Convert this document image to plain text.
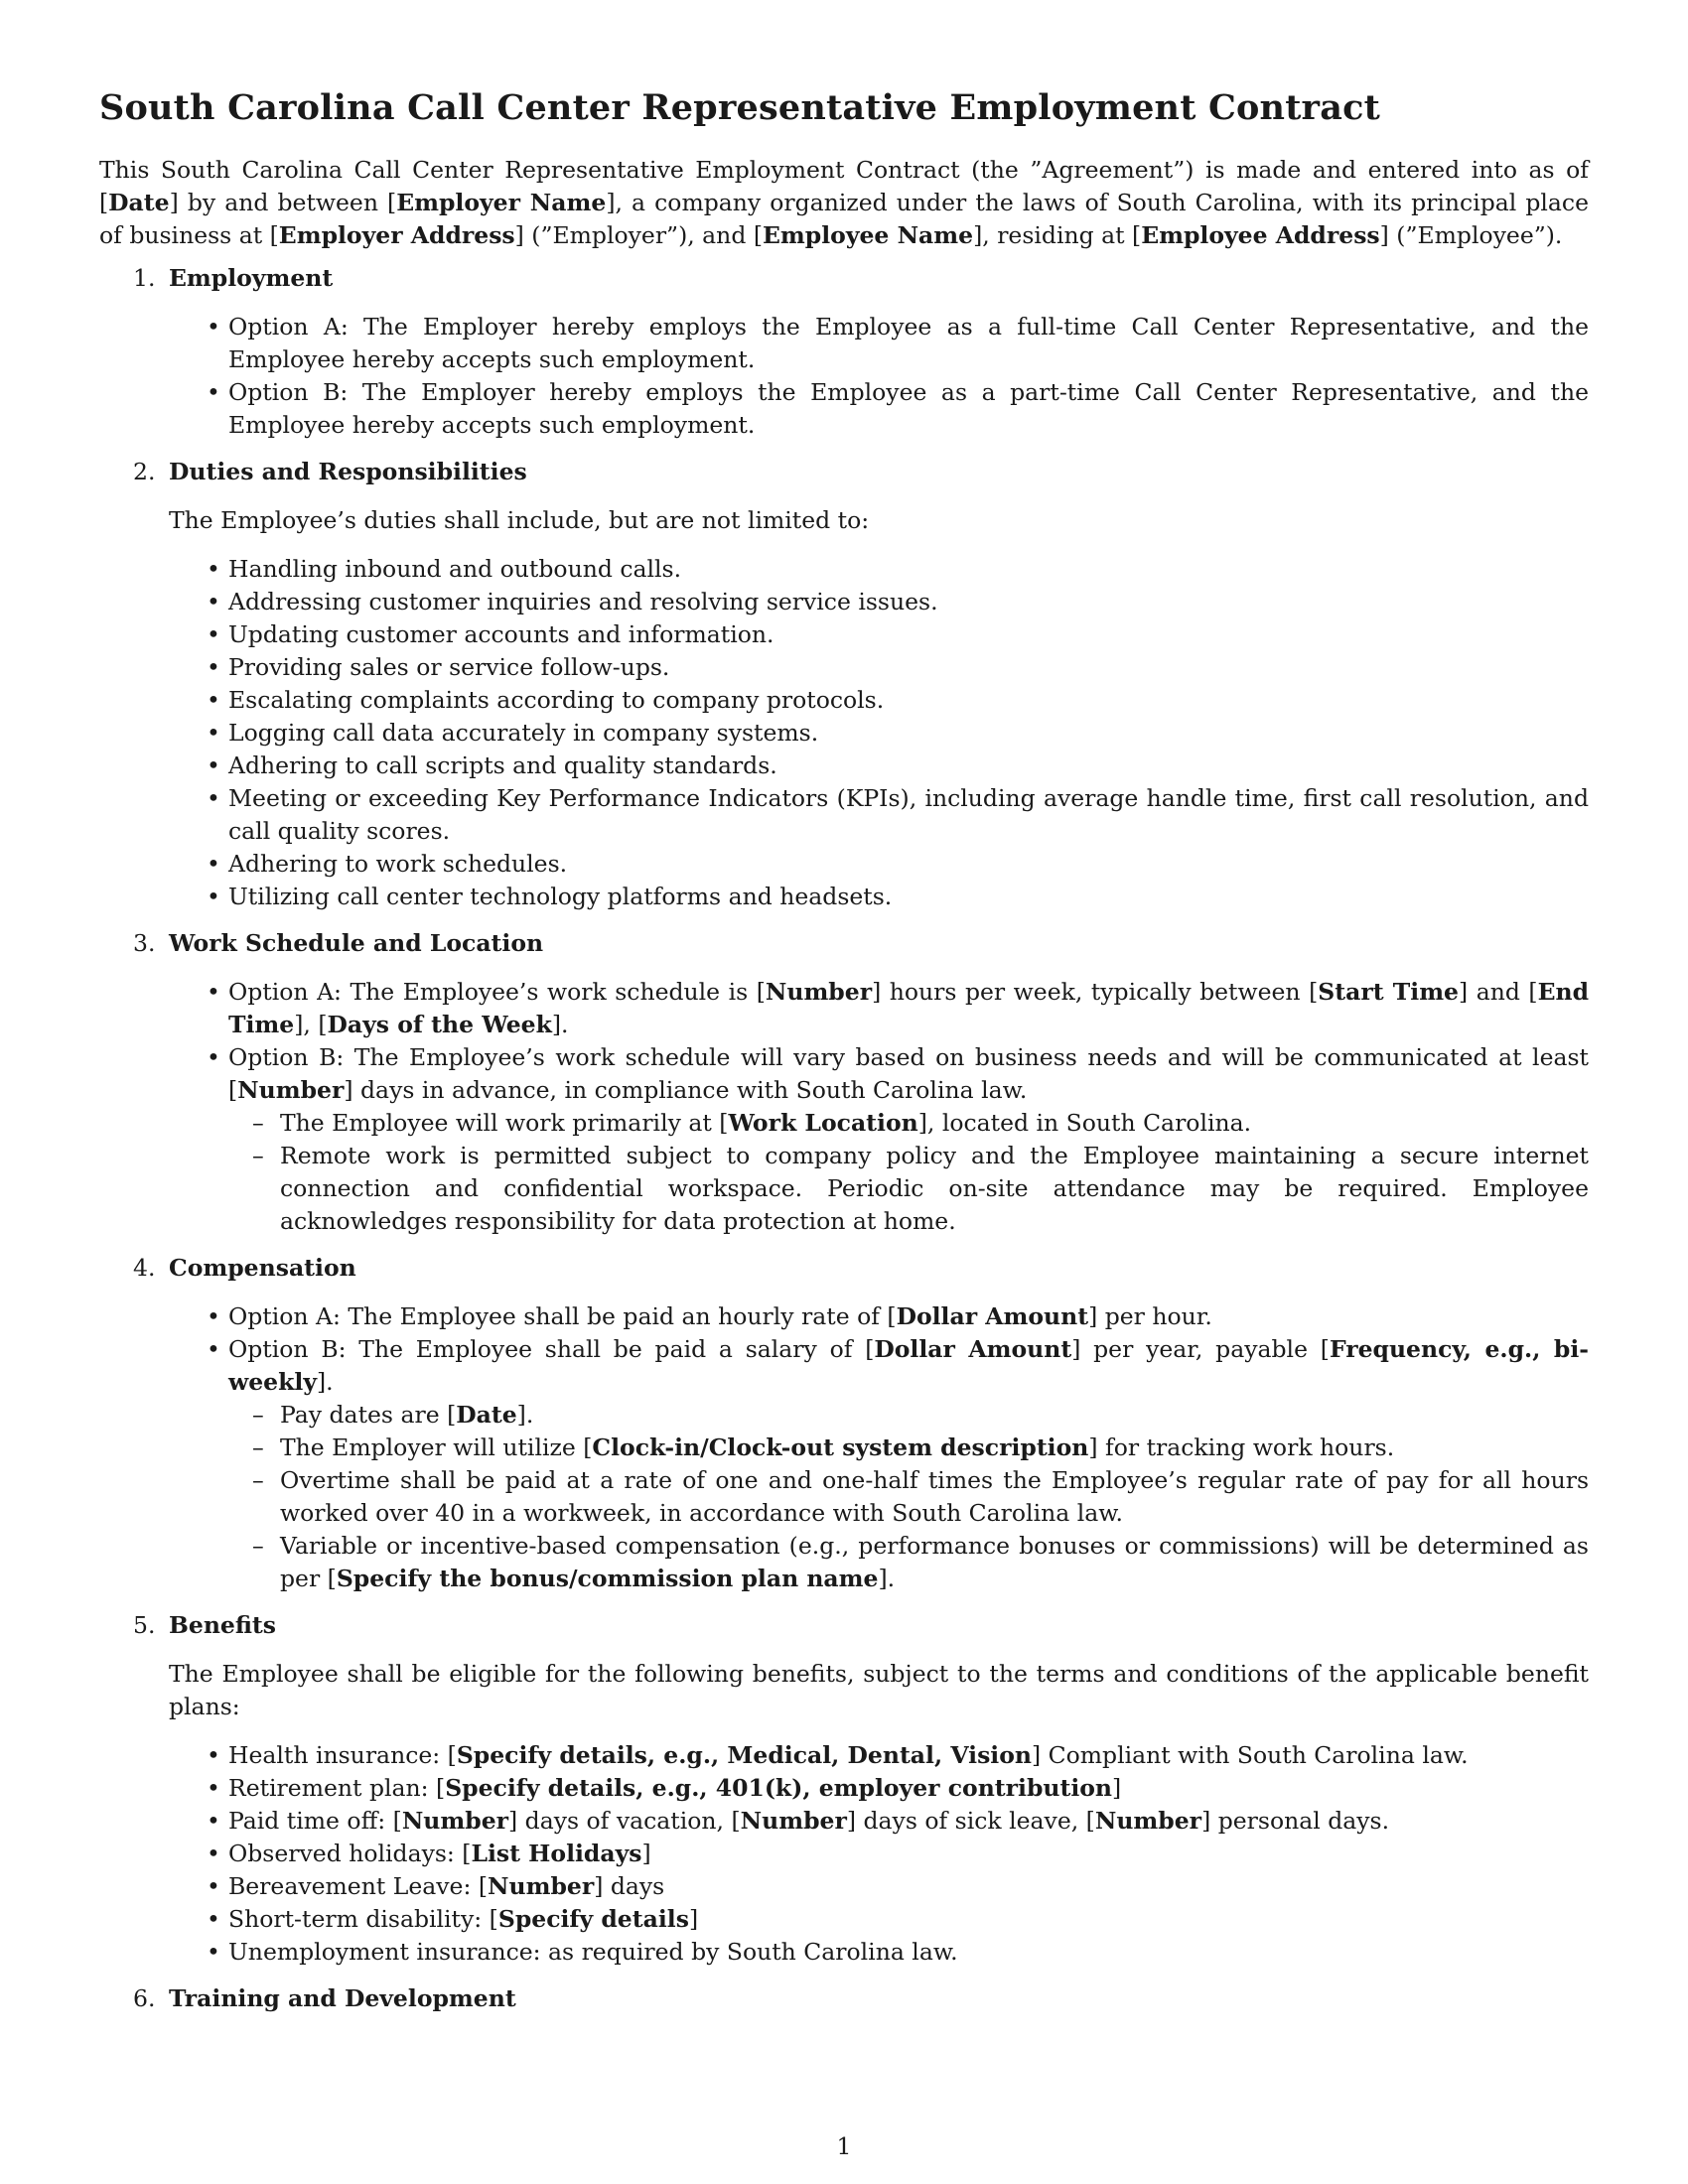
South Carolina Call Center Representative Employment Contract

This South Carolina Call Center Representative Employment Contract (the ”Agreement”) is made and entered into as of [Date] by and between [Employer Name], a company organized under the laws of South Carolina, with its principal place of business at [Employer Address] (”Employer”), and [Employee Name], residing at [Employee Address] (”Employee”).

1. Employment
• Option A: The Employer hereby employs the Employee as a full-time Call Center Representative, and the Employee hereby accepts such employment.
• Option B: The Employer hereby employs the Employee as a part-time Call Center Representative, and the Employee hereby accepts such employment.
2. Duties and Responsibilities

The Employee’s duties shall include, but are not limited to:

• Handling inbound and outbound calls.
• Addressing customer inquiries and resolving service issues.
• Updating customer accounts and information.
• Providing sales or service follow-ups.
• Escalating complaints according to company protocols.
• Logging call data accurately in company systems.
• Adhering to call scripts and quality standards.
• Meeting or exceeding Key Performance Indicators (KPIs), including average handle time, first call resolution, and call quality scores.
• Adhering to work schedules.
• Utilizing call center technology platforms and headsets.
3. Work Schedule and Location
• Option A: The Employee’s work schedule is [Number] hours per week, typically between [Start Time] and [End Time], [Days of the Week].
• Option B: The Employee’s work schedule will vary based on business needs and will be communicated at least [Number] days in advance, in compliance with South Carolina law.
– The Employee will work primarily at [Work Location], located in South Carolina.
– Remote work is permitted subject to company policy and the Employee maintaining a secure internet connection and confidential workspace. Periodic on-site attendance may be required. Employee acknowledges responsibility for data protection at home.
4. Compensation
• Option A: The Employee shall be paid an hourly rate of [Dollar Amount] per hour.
• Option B: The Employee shall be paid a salary of [Dollar Amount] per year, payable [Frequency, e.g., bi-weekly].
– Pay dates are [Date].
– The Employer will utilize [Clock-in/Clock-out system description] for tracking work hours.
– Overtime shall be paid at a rate of one and one-half times the Employee’s regular rate of pay for all hours worked over 40 in a workweek, in accordance with South Carolina law.
– Variable or incentive-based compensation (e.g., performance bonuses or commissions) will be determined as per [Specify the bonus/commission plan name].
5. Benefits

The Employee shall be eligible for the following benefits, subject to the terms and conditions of the applicable benefit plans:

• Health insurance: [Specify details, e.g., Medical, Dental, Vision] Compliant with South Carolina law.
• Retirement plan: [Specify details, e.g., 401(k), employer contribution]
• Paid time off: [Number] days of vacation, [Number] days of sick leave, [Number] personal days.
• Observed holidays: [List Holidays]
• Bereavement Leave: [Number] days
• Short-term disability: [Specify details]
• Unemployment insurance: as required by South Carolina law.
6. Training and Development
1
